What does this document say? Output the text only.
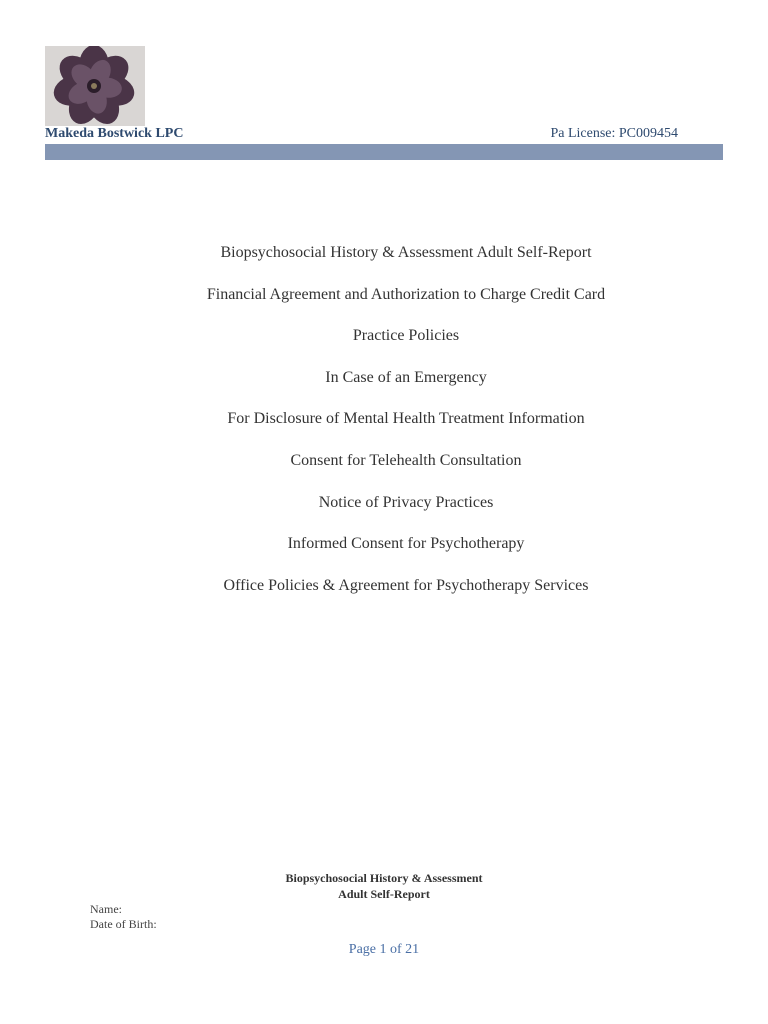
Makeda Bostwick LPC	Pa License: PC009454
Biopsychosocial History & Assessment Adult Self-Report
Financial Agreement and Authorization to Charge Credit Card
Practice Policies
In Case of an Emergency
For Disclosure of Mental Health Treatment Information
Consent for Telehealth Consultation
Notice of Privacy Practices
Informed Consent for Psychotherapy
Office Policies & Agreement for Psychotherapy Services
Biopsychosocial History & Assessment
Adult Self-Report
Name:
Date of Birth:
Page 1 of 21
